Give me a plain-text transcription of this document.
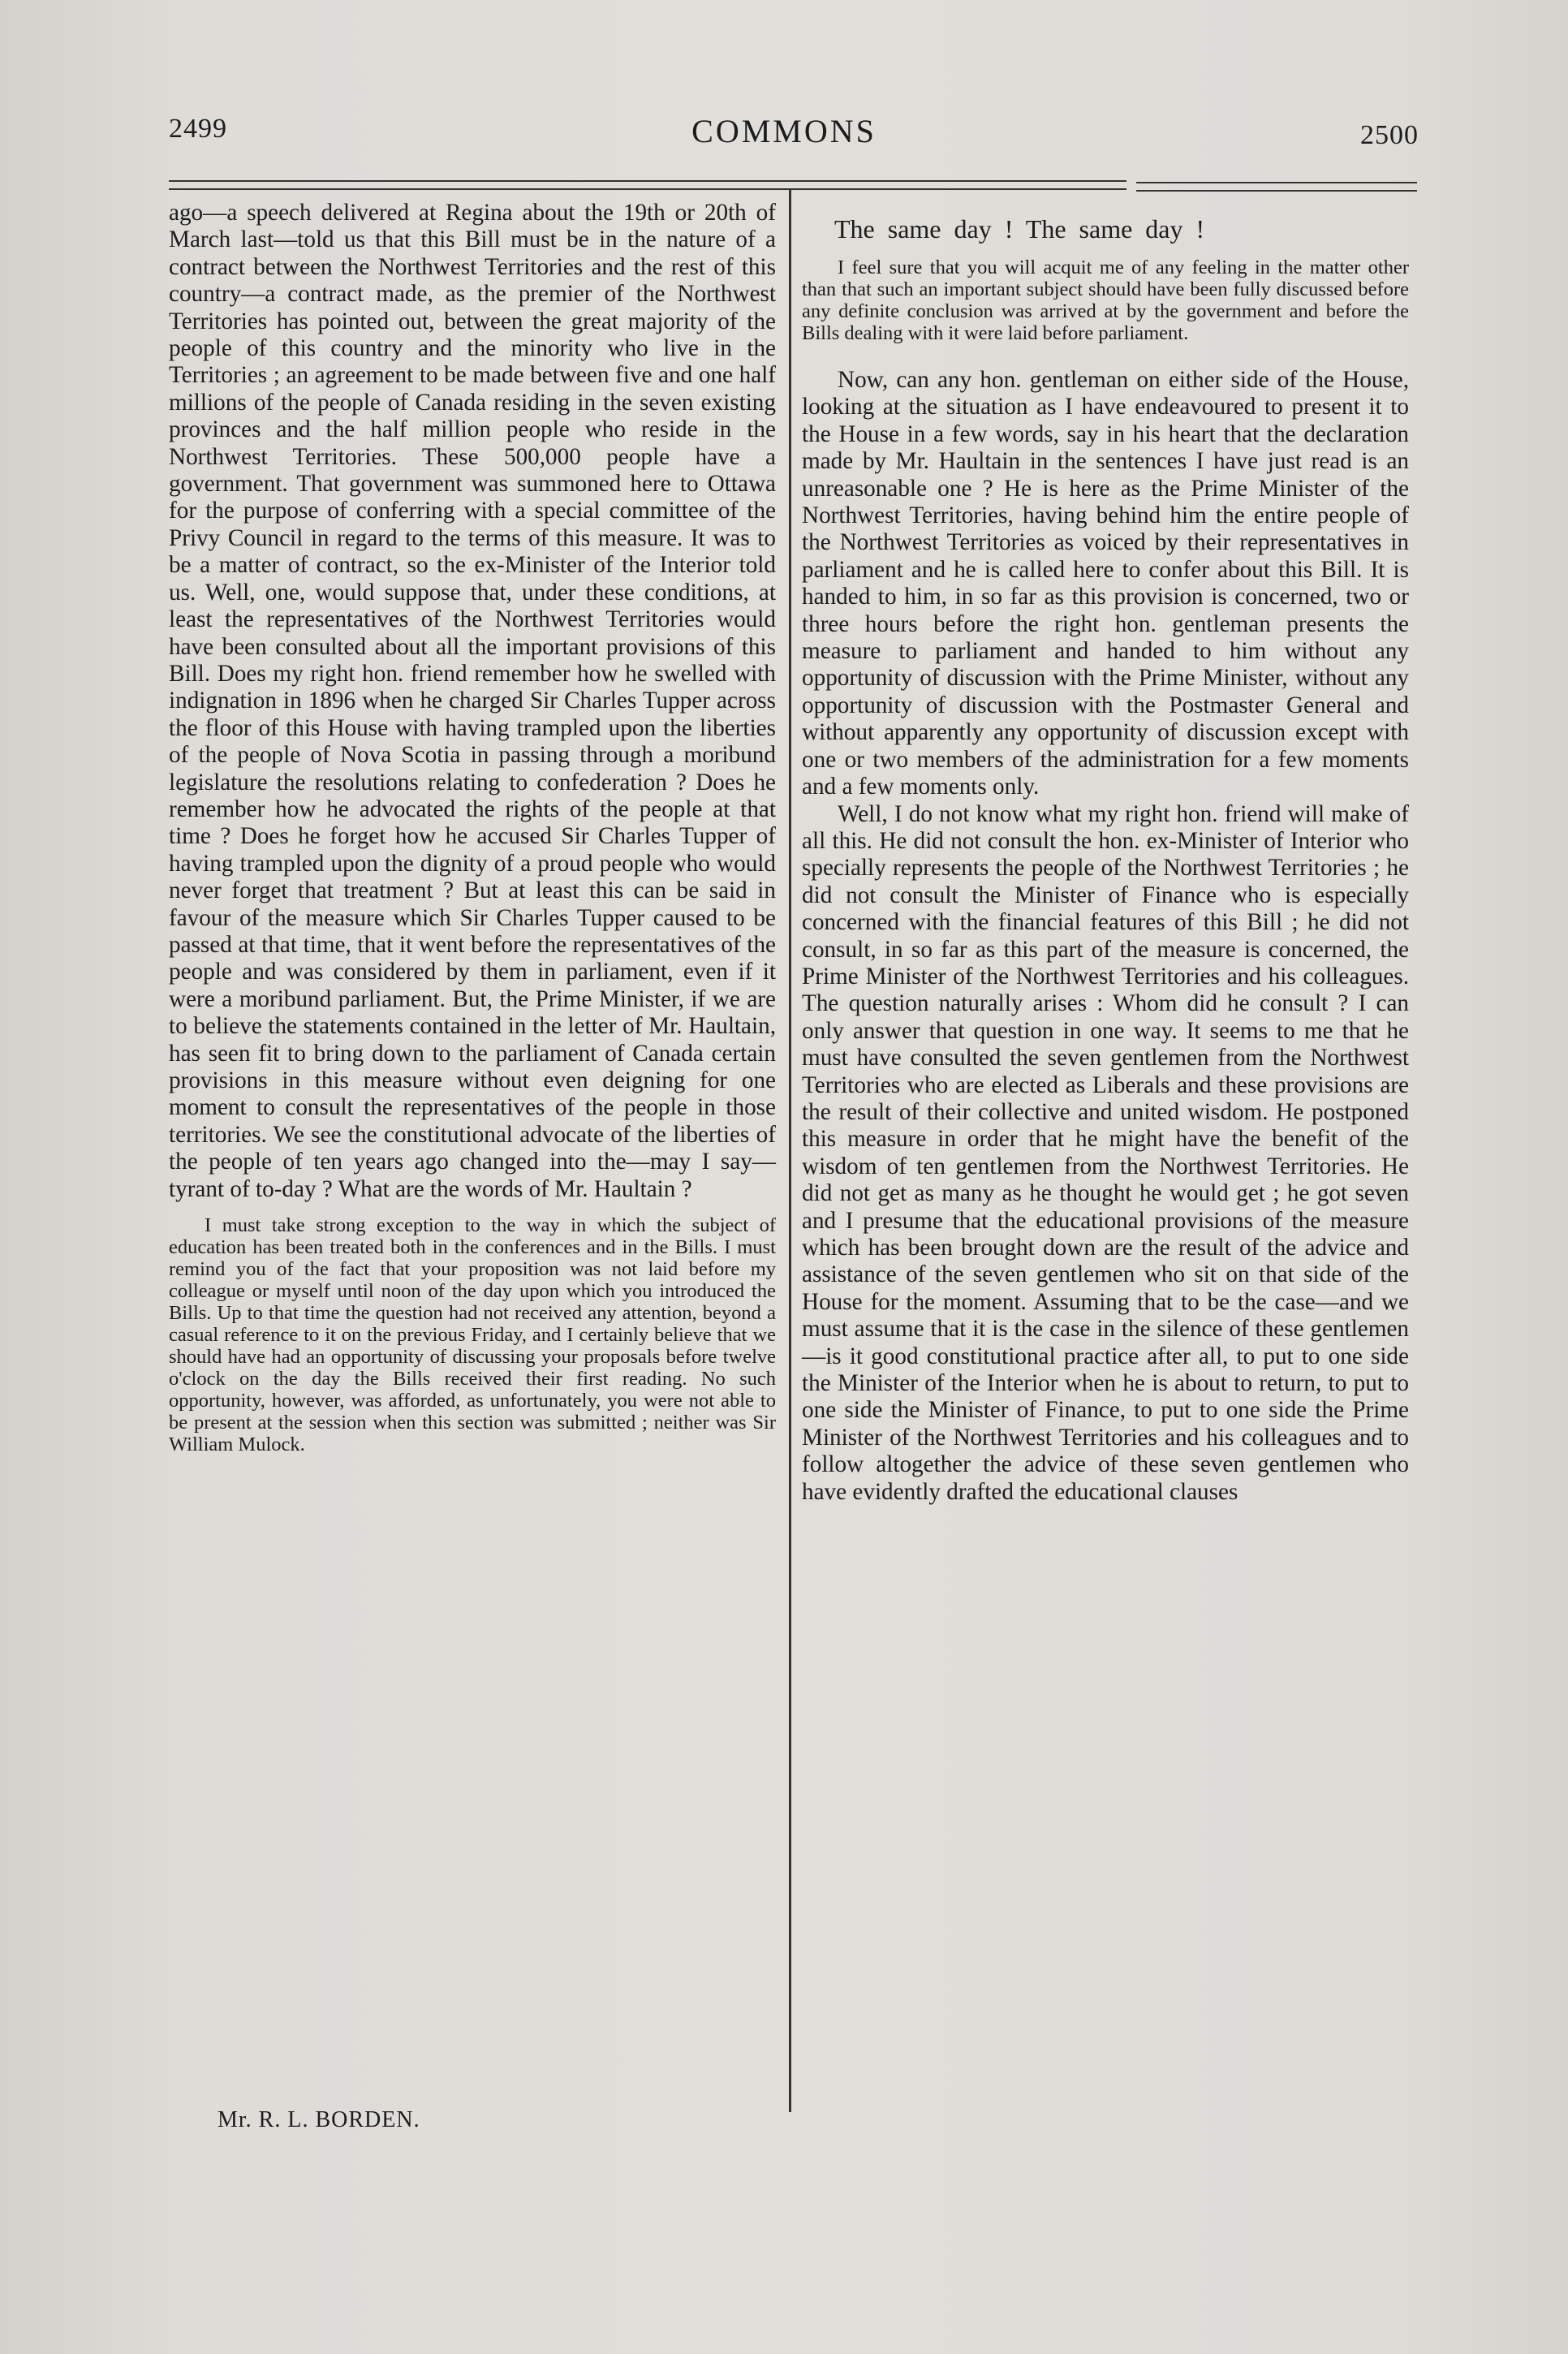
2499	COMMONS	2500

ago—a speech delivered at Regina about the 19th or 20th of March last—told us that this Bill must be in the nature of a contract between the Northwest Territories and the rest of this country—a contract made, as the premier of the Northwest Territories has pointed out, between the great majority of the people of this country and the minority who live in the Territories ; an agreement to be made between five and one half millions of the people of Canada residing in the seven existing provinces and the half million people who reside in the Northwest Territories. These 500,000 people have a government. That government was summoned here to Ottawa for the purpose of conferring with a special committee of the Privy Council in regard to the terms of this measure. It was to be a matter of contract, so the ex-Minister of the Interior told us. Well, one, would suppose that, under these conditions, at least the representatives of the Northwest Territories would have been consulted about all the important provisions of this Bill. Does my right hon. friend remember how he swelled with indignation in 1896 when he charged Sir Charles Tupper across the floor of this House with having trampled upon the liberties of the people of Nova Scotia in passing through a moribund legislature the resolutions relating to confederation ? Does he remember how he advocated the rights of the people at that time ? Does he forget how he accused Sir Charles Tupper of having trampled upon the dignity of a proud people who would never forget that treatment ? But at least this can be said in favour of the measure which Sir Charles Tupper caused to be passed at that time, that it went before the representatives of the people and was considered by them in parliament, even if it were a moribund parliament. But, the Prime Minister, if we are to believe the statements contained in the letter of Mr. Haultain, has seen fit to bring down to the parliament of Canada certain provisions in this measure without even deigning for one moment to consult the representatives of the people in those territories. We see the constitutional advocate of the liberties of the people of ten years ago changed into the—may I say—tyrant of to-day ? What are the words of Mr. Haultain ?

I must take strong exception to the way in which the subject of education has been treated both in the conferences and in the Bills. I must remind you of the fact that your proposition was not laid before my colleague or myself until noon of the day upon which you introduced the Bills. Up to that time the question had not received any attention, beyond a casual reference to it on the previous Friday, and I certainly believe that we should have had an opportunity of discussing your proposals before twelve o'clock on the day the Bills received their first reading. No such opportunity, however, was afforded, as unfortunately, you were not able to be present at the session when this section was submitted ; neither was Sir William Mulock.

The same day ! The same day !

I feel sure that you will acquit me of any feeling in the matter other than that such an important subject should have been fully discussed before any definite conclusion was arrived at by the government and before the Bills dealing with it were laid before parliament.

Now, can any hon. gentleman on either side of the House, looking at the situation as I have endeavoured to present it to the House in a few words, say in his heart that the declaration made by Mr. Haultain in the sentences I have just read is an unreasonable one ? He is here as the Prime Minister of the Northwest Territories, having behind him the entire people of the Northwest Territories as voiced by their representatives in parliament and he is called here to confer about this Bill. It is handed to him, in so far as this provision is concerned, two or three hours before the right hon. gentleman presents the measure to parliament and handed to him without any opportunity of discussion with the Prime Minister, without any opportunity of discussion with the Postmaster General and without apparently any opportunity of discussion except with one or two members of the administration for a few moments and a few moments only.

Well, I do not know what my right hon. friend will make of all this. He did not consult the hon. ex-Minister of Interior who specially represents the people of the Northwest Territories ; he did not consult the Minister of Finance who is especially concerned with the financial features of this Bill ; he did not consult, in so far as this part of the measure is concerned, the Prime Minister of the Northwest Territories and his colleagues. The question naturally arises : Whom did he consult ? I can only answer that question in one way. It seems to me that he must have consulted the seven gentlemen from the Northwest Territories who are elected as Liberals and these provisions are the result of their collective and united wisdom. He postponed this measure in order that he might have the benefit of the wisdom of ten gentlemen from the Northwest Territories. He did not get as many as he thought he would get ; he got seven and I presume that the educational provisions of the measure which has been brought down are the result of the advice and assistance of the seven gentlemen who sit on that side of the House for the moment. Assuming that to be the case—and we must assume that it is the case in the silence of these gentlemen—is it good constitutional practice after all, to put to one side the Minister of the Interior when he is about to return, to put to one side the Minister of Finance, to put to one side the Prime Minister of the Northwest Territories and his colleagues and to follow altogether the advice of these seven gentlemen who have evidently drafted the educational clauses

Mr. R. L. BORDEN.
